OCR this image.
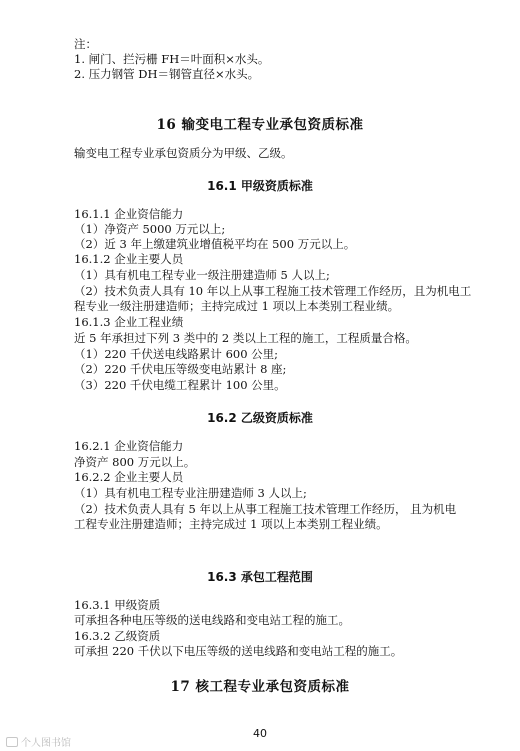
注：
1. 闸门、拦污栅 FH＝叶面积×水头。
2. 压力钢管 DH＝钢管直径×水头。
16 输变电工程专业承包资质标准
输变电工程专业承包资质分为甲级、乙级。
16.1 甲级资质标准
16.1.1 企业资信能力
（1）净资产 5000 万元以上;
（2）近 3 年上缴建筑业增值税平均在 500 万元以上。
16.1.2 企业主要人员
（1）具有机电工程专业一级注册建造师 5 人以上;
（2）技术负责人具有 10 年以上从事工程施工技术管理工作经历，且为机电工
程专业一级注册建造师；主持完成过 1 项以上本类别工程业绩。
16.1.3 企业工程业绩
近 5 年承担过下列 3 类中的 2 类以上工程的施工，工程质量合格。
（1）220 千伏送电线路累计 600 公里;
（2）220 千伏电压等级变电站累计 8 座;
（3）220 千伏电缆工程累计 100 公里。
16.2 乙级资质标准
16.2.1 企业资信能力
净资产 800 万元以上。
16.2.2 企业主要人员
（1）具有机电工程专业注册建造师 3 人以上;
（2）技术负责人具有 5 年以上从事工程施工技术管理工作经历， 且为机电
工程专业注册建造师；主持完成过 1 项以上本类别工程业绩。
16.3 承包工程范围
16.3.1 甲级资质
可承担各种电压等级的送电线路和变电站工程的施工。
16.3.2 乙级资质
可承担 220 千伏以下电压等级的送电线路和变电站工程的施工。
17 核工程专业承包资质标准
40
个人图书馆
